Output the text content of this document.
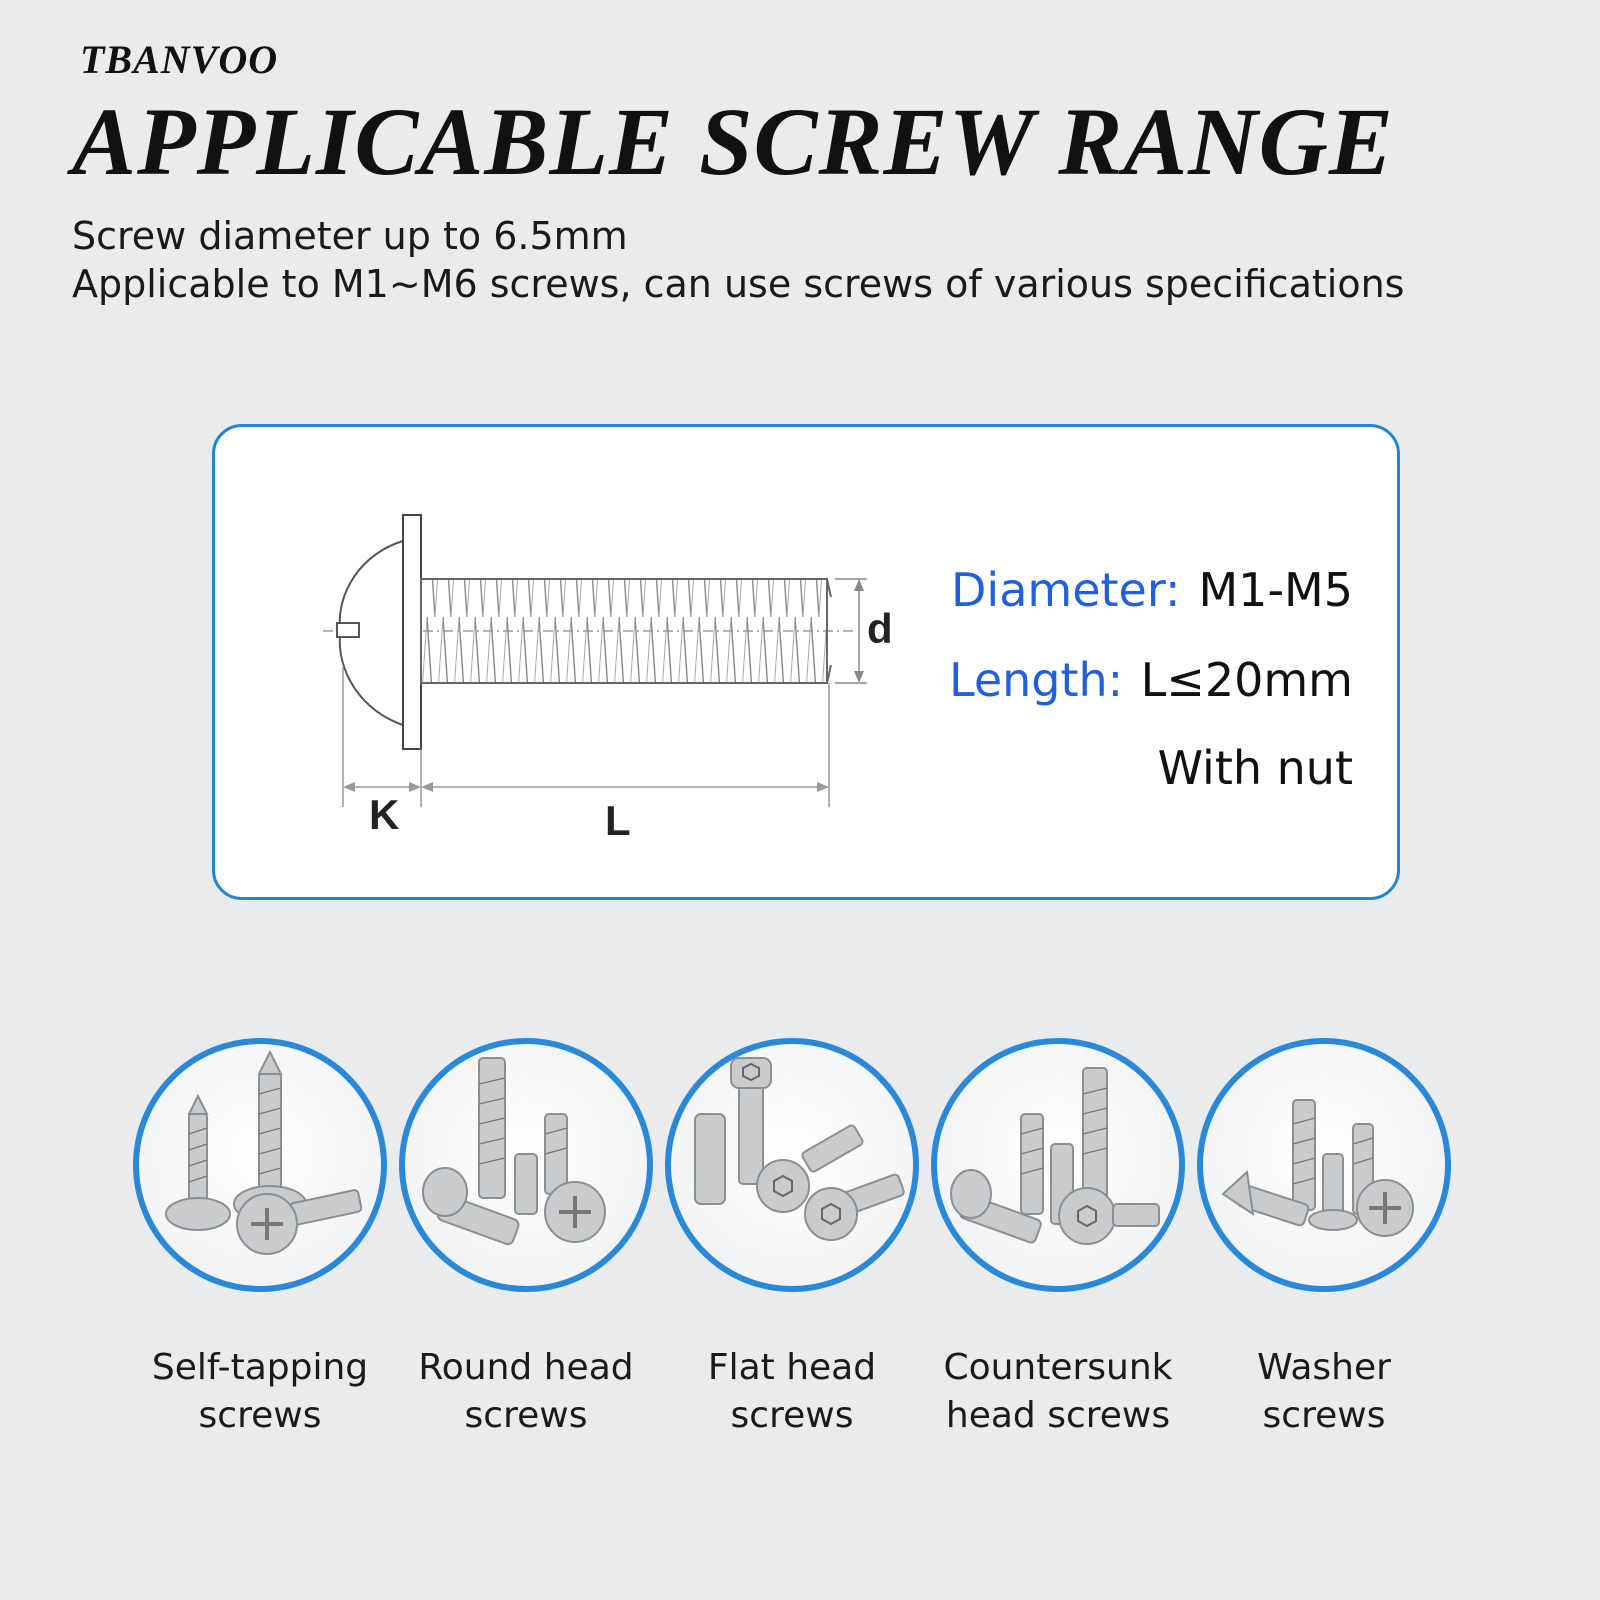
TBANVOO
APPLICABLE SCREW RANGE
Screw diameter up to 6.5mm
Applicable to M1~M6 screws, can use screws of various specifications
d
K	L
Diameter: M1-M5
Length: L≤20mm
With nut
Self-tapping
screws
Round head
screws
Flat head
screws
Countersunk
head screws
Washer
screws
